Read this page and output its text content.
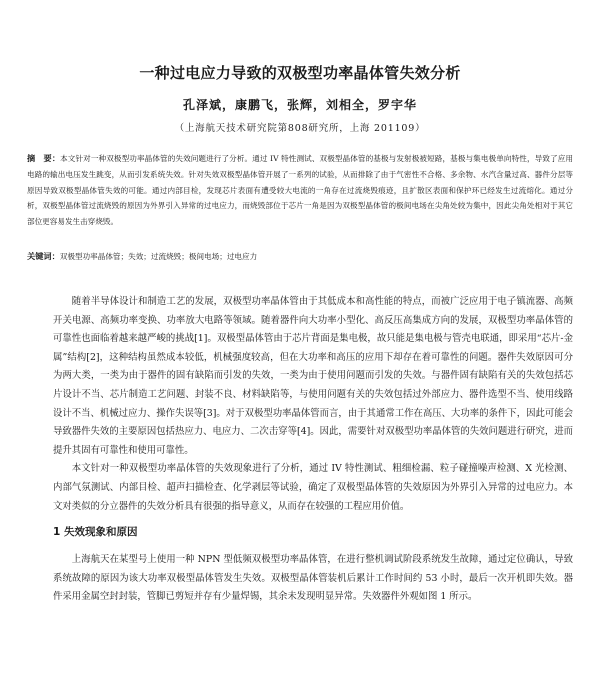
一种过电应力导致的双极型功率晶体管失效分析
孔泽斌，康鹏飞，张辉，刘相全，罗宇华
（上海航天技术研究院第808研究所，上海 201109）
摘　要：本文针对一种双极型功率晶体管的失效问题进行了分析。通过 IV 特性测试、双极型晶体管的基极与发射极被短路，基极与集电极单向特性，导致了应用电路的输出电压发生跳变，从而引发系统失效。针对失效双极型晶体管开展了一系列的试验，从而排除了由于气密性不合格、多余物、水汽含量过高、器件分层等原因导致双极型晶体管失效的可能。通过内部目检，发现芯片表面有遭受较大电流的一角存在过流烧毁痕迹，且扩散区表面和保护环已经发生过流熔化。通过分析，双极型晶体管过流烧毁的原因为外界引入异常的过电应力，而烧毁部位于芯片一角是因为双极型晶体管的极间电场在尖角处较为集中，因此尖角处相对于其它部位更容易发生击穿烧毁。
关键词：双极型功率晶体管；失效；过流烧毁；极间电场；过电应力

随着半导体设计和制造工艺的发展，双极型功率晶体管由于其低成本和高性能的特点，而被广泛应用于电子镇流器、高频开关电源、高频功率变换、功率放大电路等领域。随着器件向大功率小型化、高反压高集成方向的发展，双极型功率晶体管的可靠性也面临着越来越严峻的挑战[1]。双极型晶体管由于芯片背面是集电极，故只能是集电极与管壳电联通，即采用“芯片-金属”结构[2]，这种结构虽然成本较低，机械强度较高，但在大功率和高压的应用下却存在着可靠性的问题。器件失效原因可分为两大类，一类为由于器件的固有缺陷而引发的失效，一类为由于使用问题而引发的失效。与器件固有缺陷有关的失效包括芯片设计不当、芯片制造工艺问题、封装不良、材料缺陷等，与使用问题有关的失效包括过外部应力、器件选型不当、使用线路设计不当、机械过应力、操作失误等[3]。对于双极型功率晶体管而言，由于其通常工作在高压、大功率的条件下，因此可能会导致器件失效的主要原因包括热应力、电应力、二次击穿等[4]。因此，需要针对双极型功率晶体管的失效问题进行研究，进而提升其固有可靠性和使用可靠性。

本文针对一种双极型功率晶体管的失效现象进行了分析，通过 IV 特性测试、粗细检漏、粒子碰撞噪声检测、X 光检测、内部气氛测试、内部目检、超声扫描检查、化学剥层等试验，确定了双极型晶体管的失效原因为外界引入异常的过电应力。本文对类似的分立器件的失效分析具有很强的指导意义，从而存在较强的工程应用价值。

1 失效现象和原因

上海航天在某型号上使用一种 NPN 型低频双极型功率晶体管，在进行整机调试阶段系统发生故障，通过定位确认，导致系统故障的原因为该大功率双极型晶体管发生失效。双极型晶体管装机后累计工作时间约 53 小时，最后一次开机即失效。器件采用金属空封封装，管脚已剪短并存有少量焊锡，其余未发现明显异常。失效器件外观如图 1 所示。
